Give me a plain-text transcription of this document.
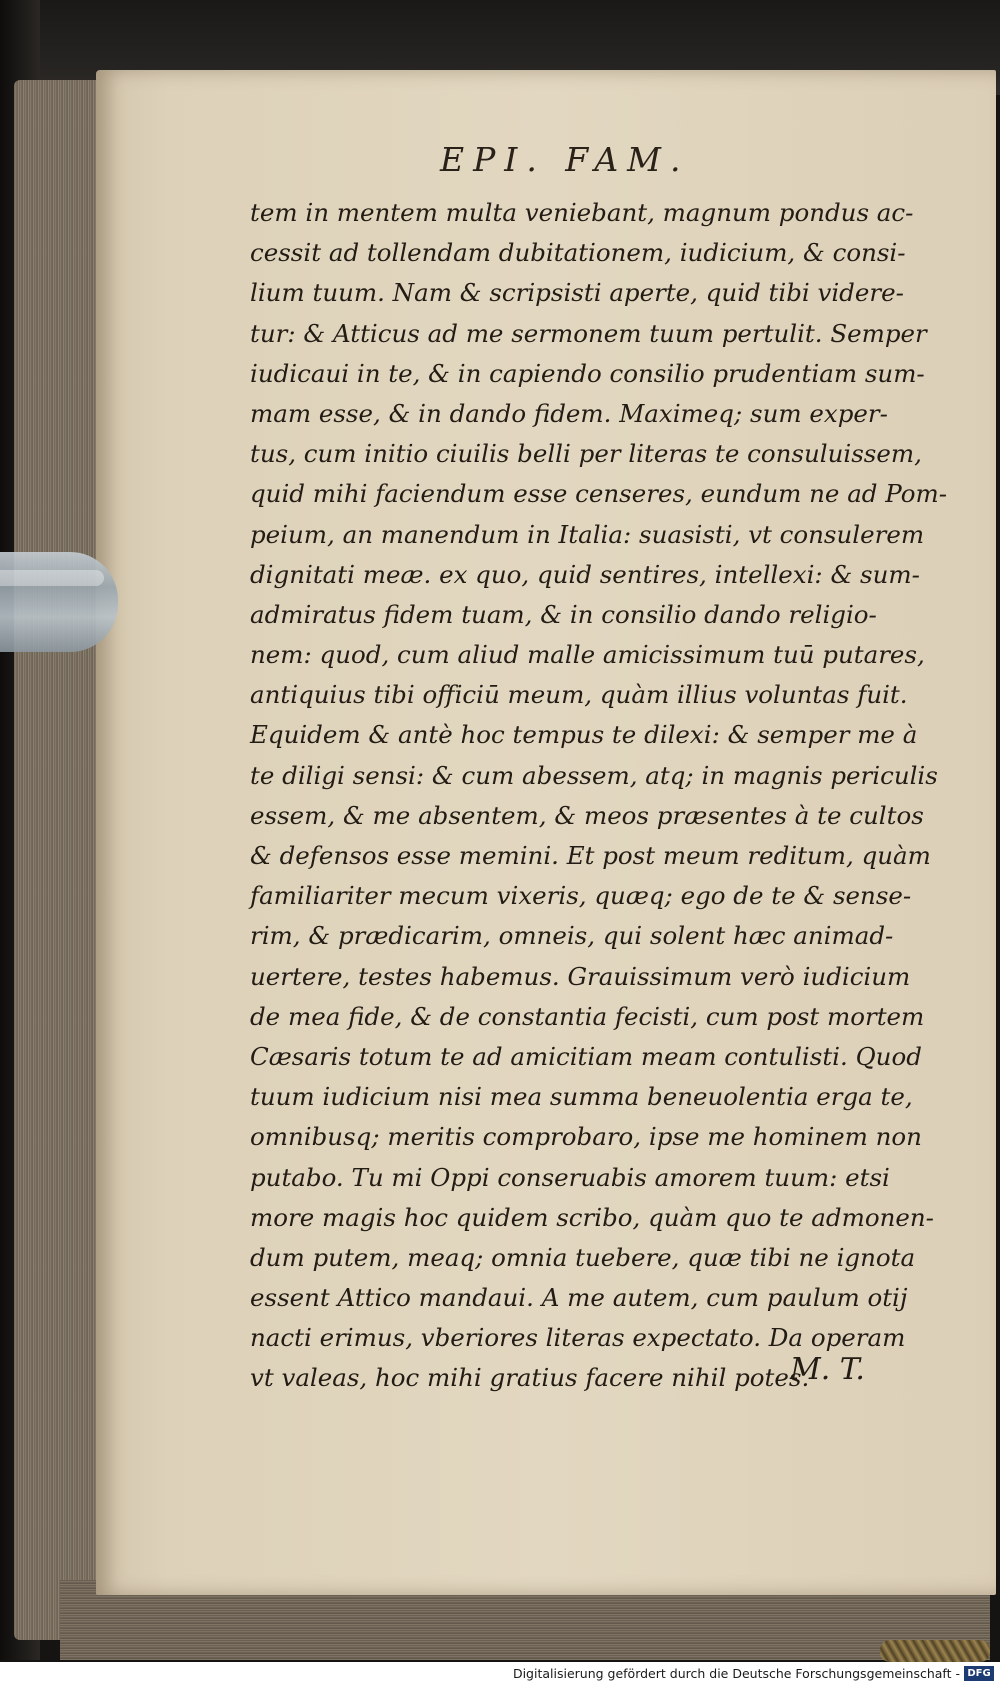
EPI. FAM.
tem in mentem multa veniebant, magnum pondus ac-
cessit ad tollendam dubitationem, iudicium, & consi-
lium tuum. Nam & scripsisti aperte, quid tibi videre-
tur: & Atticus ad me sermonem tuum pertulit. Semper
iudicaui in te, & in capiendo consilio prudentiam sum-
mam esse, & in dando fidem. Maximeq; sum exper-
tus, cum initio ciuilis belli per literas te consuluissem,
quid mihi faciendum esse censeres, eundum ne ad Pom-
peium, an manendum in Italia: suasisti, vt consulerem
dignitati meæ. ex quo, quid sentires, intellexi: & sum-
admiratus fidem tuam, & in consilio dando religio-
nem: quod, cum aliud malle amicissimum tuū putares,
antiquius tibi officiū meum, quàm illius voluntas fuit.
Equidem & antè hoc tempus te dilexi: & semper me à
te diligi sensi: & cum abessem, atq; in magnis periculis
essem, & me absentem, & meos præsentes à te cultos
& defensos esse memini. Et post meum reditum, quàm
familiariter mecum vixeris, quæq; ego de te & sense-
rim, & prædicarim, omneis, qui solent hæc animad-
uertere, testes habemus. Grauissimum verò iudicium
de mea fide, & de constantia fecisti, cum post mortem
Cæsaris totum te ad amicitiam meam contulisti. Quod
tuum iudicium nisi mea summa beneuolentia erga te,
omnibusq; meritis comprobaro, ipse me hominem non
putabo. Tu mi Oppi conseruabis amorem tuum: etsi
more magis hoc quidem scribo, quàm quo te admonen-
dum putem, meaq; omnia tuebere, quæ tibi ne ignota
essent Attico mandaui. A me autem, cum paulum otij
nacti erimus, vberiores literas expectato. Da operam
vt valeas, hoc mihi gratius facere nihil potes.
M. T.
Digitalisierung gefördert durch die Deutsche Forschungsgemeinschaft - DFG
